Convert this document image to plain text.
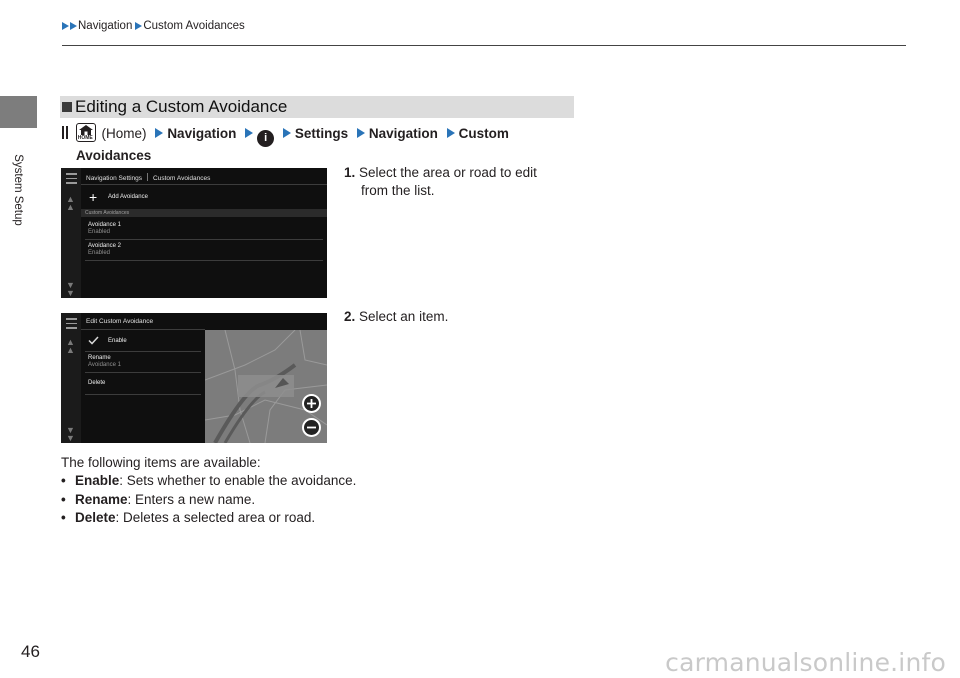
Navigation Custom Avoidances
System Setup
Editing a Custom Avoidance

HOME (Home) Navigation	i Settings Navigation Custom
Avoidances
▲
▲
▼
▼
Navigation Settings Custom Avoidances
+ Add Avoidance
Custom Avoidances
Avoidance 1
Enabled
Avoidance 2
Enabled
▲
▲
▼
▼
Edit Custom Avoidance
Enable
Rename
Avoidance 1
Delete
1. Select the area or road to edit
from the list.
2. Select an item.
The following items are available:
• Enable: Sets whether to enable the avoidance.
• Rename: Enters a new name.
• Delete: Deletes a selected area or road.
46	carmanualsonline.info
